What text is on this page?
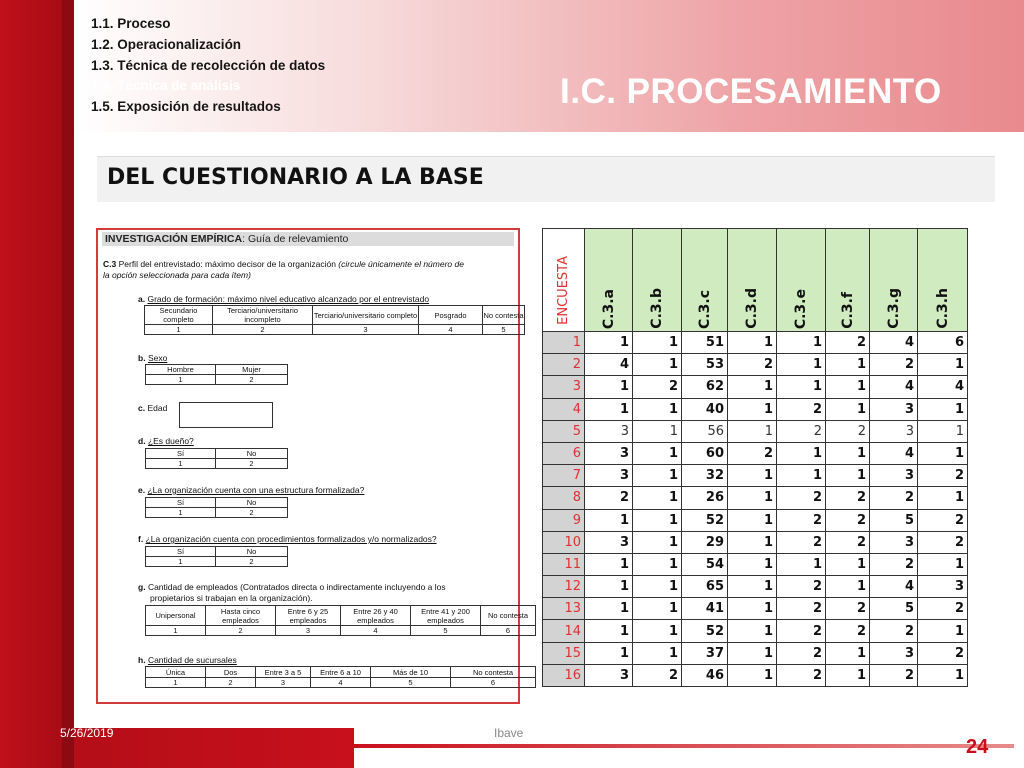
1.1. Proceso
1.2. Operacionalización
1.3. Técnica de recolección de datos
1.4. Técnica de análisis
1.5. Exposición de resultados	I.C. PROCESAMIENTO
DEL CUESTIONARIO A LA BASE
INVESTIGACIÓN EMPÍRICA: Guía de relevamiento
C.3 Perfil del entrevistado: máximo decisor de la organización (circule únicamente el número de
la opción seleccionada para cada ítem)
a. Grado de formación: máximo nivel educativo alcanzado por el entrevistado
Secundario completo	Terciario/universitario incompleto	Terciario/universitario completo	Posgrado	No contesta
1	2	3	4	5
b. Sexo
Hombre	Mujer
1	2
c. Edad
d. ¿Es dueño?
Sí	No
1	2
e. ¿La organización cuenta con una estructura formalizada?
Sí	No
1	2
f. ¿La organización cuenta con procedimientos formalizados y/o normalizados?
Sí	No
1	2
g. Cantidad de empleados (Contratados directa o indirectamente incluyendo a los
propietarios si trabajan en la organización).
Unipersonal	Hasta cinco empleados	Entre 6 y 25 empleados	Entre 26 y 40 empleados	Entre 41 y 200 empleados	No contesta
1	2	3	4	5	6
h. Cantidad de sucursales
Única	Dos	Entre 3 a 5	Entre 6 a 10	Más de 10	No contesta
1	2	3	4	5	6
ENCUESTA	C.3.a	C.3.b	C.3.c	C.3.d	C.3.e	C.3.f	C.3.g	C.3.h

1	1	1	51	1	1	2	4	6
2	4	1	53	2	1	1	2	1
3	1	2	62	1	1	1	4	4
4	1	1	40	1	2	1	3	1
5	3	1	56	1	2	2	3	1
6	3	1	60	2	1	1	4	1
7	3	1	32	1	1	1	3	2
8	2	1	26	1	2	2	2	1
9	1	1	52	1	2	2	5	2
10	3	1	29	1	2	2	3	2
11	1	1	54	1	1	1	2	1
12	1	1	65	1	2	1	4	3
13	1	1	41	1	2	2	5	2
14	1	1	52	1	2	2	2	1
15	1	1	37	1	2	1	3	2
16	3	2	46	1	2	1	2	1
5/26/2019	Ibave
24
